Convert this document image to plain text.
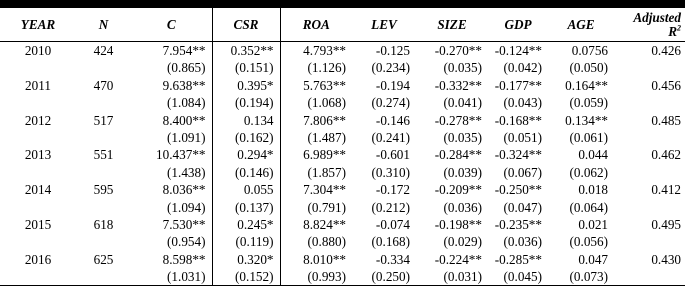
YEAR	N	C	CSR	ROA	LEV	SIZE	GDP	AGE	Adjusted
$R^2$
2010	424	7.954**	0.352**	4.793**	-0.125	-0.270**	-0.124**	0.0756	0.426
		(0.865)	(0.151)	(1.126)	(0.234)	(0.035)	(0.042)	(0.050)	
2011	470	9.638**	0.395*	5.763**	-0.194	-0.332**	-0.177**	0.164**	0.456
		(1.084)	(0.194)	(1.068)	(0.274)	(0.041)	(0.043)	(0.059)	
2012	517	8.400**	0.134	7.806**	-0.146	-0.278**	-0.168**	0.134**	0.485
		(1.091)	(0.162)	(1.487)	(0.241)	(0.035)	(0.051)	(0.061)	
2013	551	10.437**	0.294*	6.989**	-0.601	-0.284**	-0.324**	0.044	0.462
		(1.438)	(0.146)	(1.857)	(0.310)	(0.039)	(0.067)	(0.062)	
2014	595	8.036**	0.055	7.304**	-0.172	-0.209**	-0.250**	0.018	0.412
		(1.094)	(0.137)	(0.791)	(0.212)	(0.036)	(0.047)	(0.064)	
2015	618	7.530**	0.245*	8.824**	-0.074	-0.198**	-0.235**	0.021	0.495
		(0.954)	(0.119)	(0.880)	(0.168)	(0.029)	(0.036)	(0.056)	
2016	625	8.598**	0.320*	8.010**	-0.334	-0.224**	-0.285**	0.047	0.430
		(1.031)	(0.152)	(0.993)	(0.250)	(0.031)	(0.045)	(0.073)	
